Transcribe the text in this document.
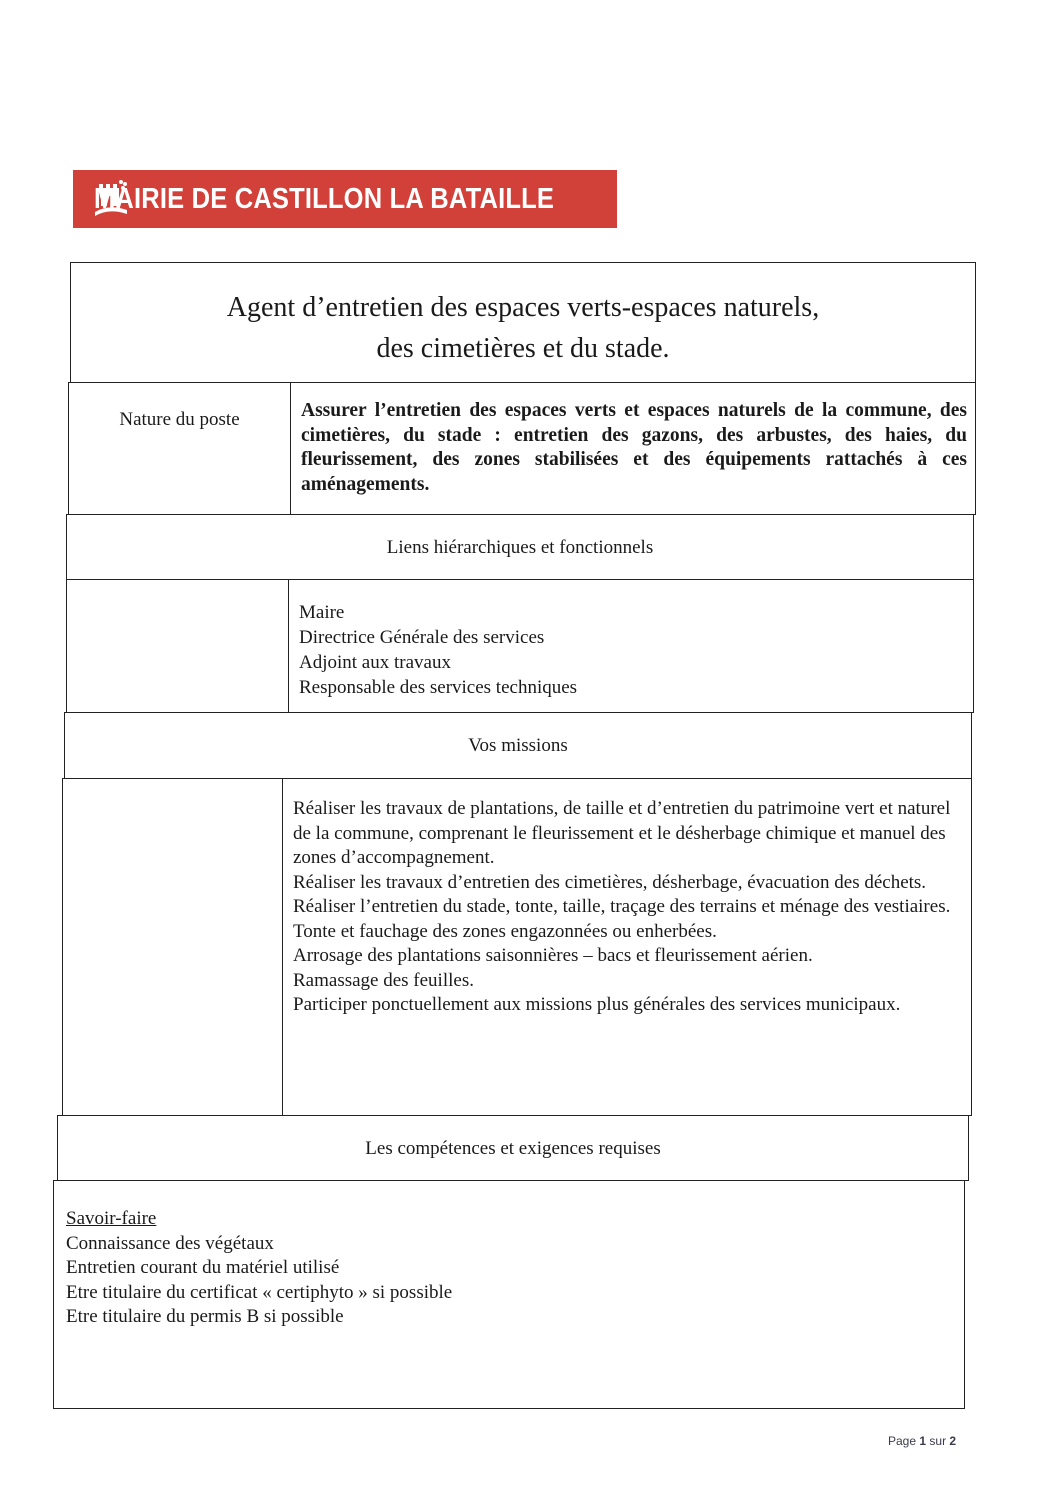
MAIRIE DE CASTILLON LA BATAILLE
Agent d’entretien des espaces verts-espaces naturels,
des cimetières et du stade.
Nature du poste	Assurer l’entretien des espaces verts et espaces naturels de la commune, des cimetières, du stade : entretien des gazons, des arbustes, des haies, du fleurissement, des zones stabilisées et des équipements rattachés à ces aménagements.
Liens hiérarchiques et fonctionnels
Maire
Directrice Générale des services
Adjoint aux travaux
Responsable des services techniques
Vos missions

Réaliser les travaux de plantations, de taille et d’entretien du patrimoine vert et naturel de la commune, comprenant le fleurissement et le désherbage chimique et manuel des zones d’accompagnement.

Réaliser les travaux d’entretien des cimetières, désherbage, évacuation des déchets.

Réaliser l’entretien du stade, tonte, taille, traçage des terrains et ménage des vestiaires.

Tonte et fauchage des zones engazonnées ou enherbées.

Arrosage des plantations saisonnières – bacs et fleurissement aérien.

Ramassage des feuilles.

Participer ponctuellement aux missions plus générales des services municipaux.

Les compétences et exigences requises

Savoir-faire

Connaissance des végétaux

Entretien courant du matériel utilisé

Etre titulaire du certificat « certiphyto » si possible

Etre titulaire du permis B si possible

Page 1 sur 2
